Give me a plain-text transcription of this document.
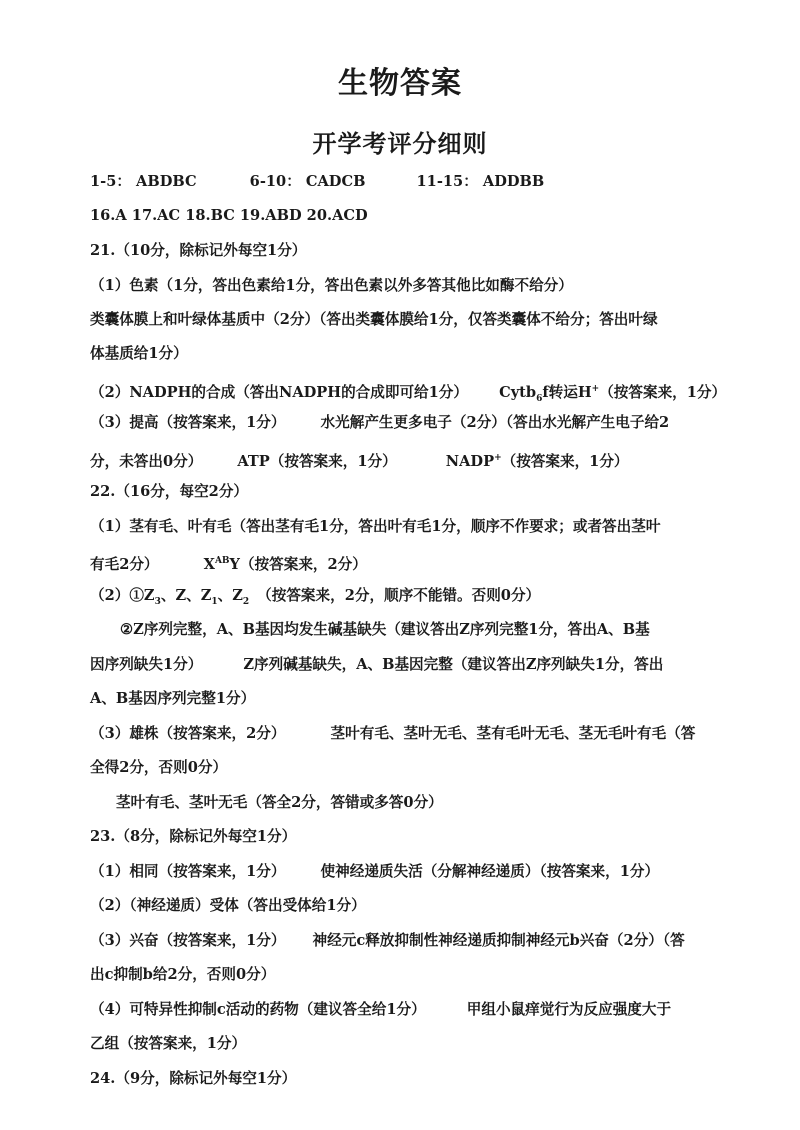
生物答案
开学考评分细则
1-5： ABDBC	6-10： CADCB	11-15： ADDBB
16.A 17.AC 18.BC 19.ABD 20.ACD
21.（10分，除标记外每空1分）
（1）色素（1分，答出色素给1分，答出色素以外多答其他比如酶不给分）
类囊体膜上和叶绿体基质中（2分）（答出类囊体膜给1分，仅答类囊体不给分；答出叶绿
体基质给1分）
（2）NADPH的合成（答出NADPH的合成即可给1分） Cytb6f转运H+（按答案来，1分）
（3）提高（按答案来，1分） 水光解产生更多电子（2分）（答出水光解产生电子给2
分，未答出0分） ATP（按答案来，1分）	NADP+（按答案来，1分）
22.（16分，每空2分）
（1）茎有毛、叶有毛（答出茎有毛1分，答出叶有毛1分，顺序不作要求；或者答出茎叶
有毛2分）	XABY（按答案来，2分）
（2）①Z3、Z、Z1、Z2 （按答案来，2分，顺序不能错。否则0分）
②Z序列完整，A、B基因均发生碱基缺失（建议答出Z序列完整1分，答出A、B基
因序列缺失1分）	Z序列碱基缺失，A、B基因完整（建议答出Z序列缺失1分，答出
A、B基因序列完整1分）
（3）雄株（按答案来，2分）	茎叶有毛、茎叶无毛、茎有毛叶无毛、茎无毛叶有毛（答
全得2分，否则0分）
茎叶有毛、茎叶无毛（答全2分，答错或多答0分）
23.（8分，除标记外每空1分）
（1）相同（按答案来，1分） 使神经递质失活（分解神经递质）（按答案来，1分）
（2）（神经递质）受体（答出受体给1分）
（3）兴奋（按答案来，1分） 神经元c释放抑制性神经递质抑制神经元b兴奋（2分）（答
出c抑制b给2分，否则0分）
（4）可特异性抑制c活动的药物（建议答全给1分）	甲组小鼠痒觉行为反应强度大于
乙组（按答案来，1分）
24.（9分，除标记外每空1分）
